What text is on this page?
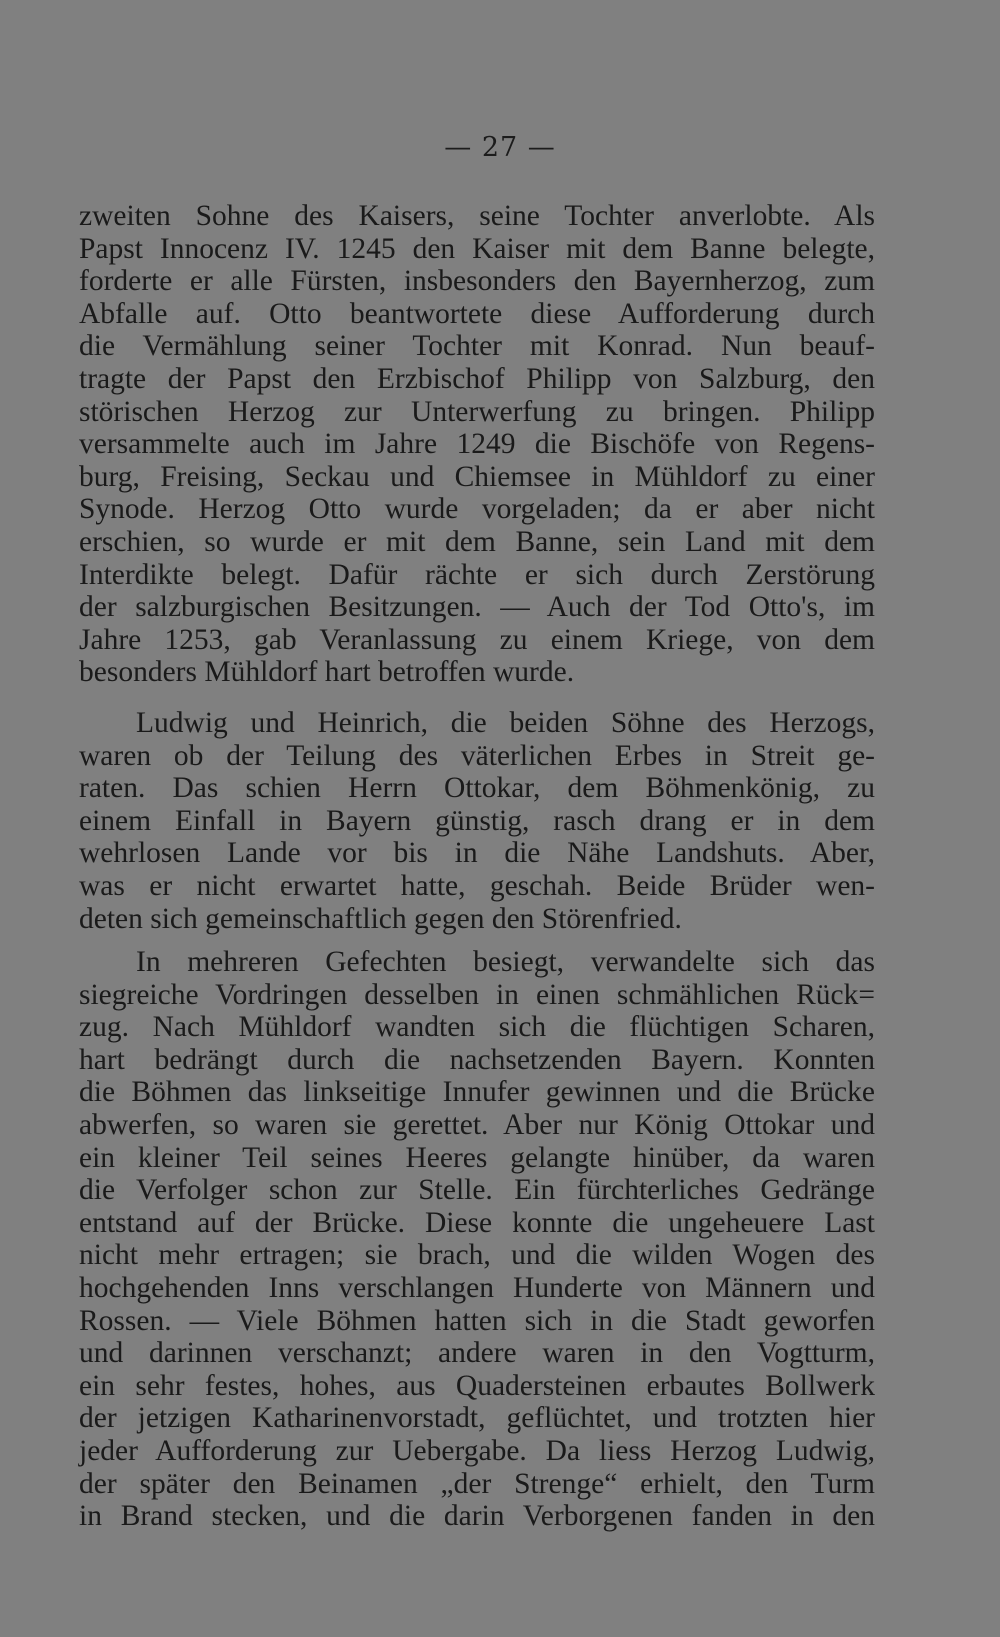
— 27 —
zweiten Sohne des Kaisers, seine Tochter anverlobte. Als
Papst Innocenz IV. 1245 den Kaiser mit dem Banne belegte,
forderte er alle Fürsten, insbesonders den Bayernherzog, zum
Abfalle auf. Otto beantwortete diese Aufforderung durch
die Vermählung seiner Tochter mit Konrad. Nun beauf-
tragte der Papst den Erzbischof Philipp von Salzburg, den
störischen Herzog zur Unterwerfung zu bringen. Philipp
versammelte auch im Jahre 1249 die Bischöfe von Regens-
burg, Freising, Seckau und Chiemsee in Mühldorf zu einer
Synode. Herzog Otto wurde vorgeladen; da er aber nicht
erschien, so wurde er mit dem Banne, sein Land mit dem
Interdikte belegt. Dafür rächte er sich durch Zerstörung
der salzburgischen Besitzungen. — Auch der Tod Otto's, im
Jahre 1253, gab Veranlassung zu einem Kriege, von dem
besonders Mühldorf hart betroffen wurde.
Ludwig und Heinrich, die beiden Söhne des Herzogs,
waren ob der Teilung des väterlichen Erbes in Streit ge-
raten. Das schien Herrn Ottokar, dem Böhmenkönig, zu
einem Einfall in Bayern günstig, rasch drang er in dem
wehrlosen Lande vor bis in die Nähe Landshuts. Aber,
was er nicht erwartet hatte, geschah. Beide Brüder wen-
deten sich gemeinschaftlich gegen den Störenfried.
In mehreren Gefechten besiegt, verwandelte sich das
siegreiche Vordringen desselben in einen schmählichen Rück=
zug. Nach Mühldorf wandten sich die flüchtigen Scharen,
hart bedrängt durch die nachsetzenden Bayern. Konnten
die Böhmen das linkseitige Innufer gewinnen und die Brücke
abwerfen, so waren sie gerettet. Aber nur König Ottokar und
ein kleiner Teil seines Heeres gelangte hinüber, da waren
die Verfolger schon zur Stelle. Ein fürchterliches Gedränge
entstand auf der Brücke. Diese konnte die ungeheuere Last
nicht mehr ertragen; sie brach, und die wilden Wogen des
hochgehenden Inns verschlangen Hunderte von Männern und
Rossen. — Viele Böhmen hatten sich in die Stadt geworfen
und darinnen verschanzt; andere waren in den Vogtturm,
ein sehr festes, hohes, aus Quadersteinen erbautes Bollwerk
der jetzigen Katharinenvorstadt, geflüchtet, und trotzten hier
jeder Aufforderung zur Uebergabe. Da liess Herzog Ludwig,
der später den Beinamen „der Strenge“ erhielt, den Turm
in Brand stecken, und die darin Verborgenen fanden in den
